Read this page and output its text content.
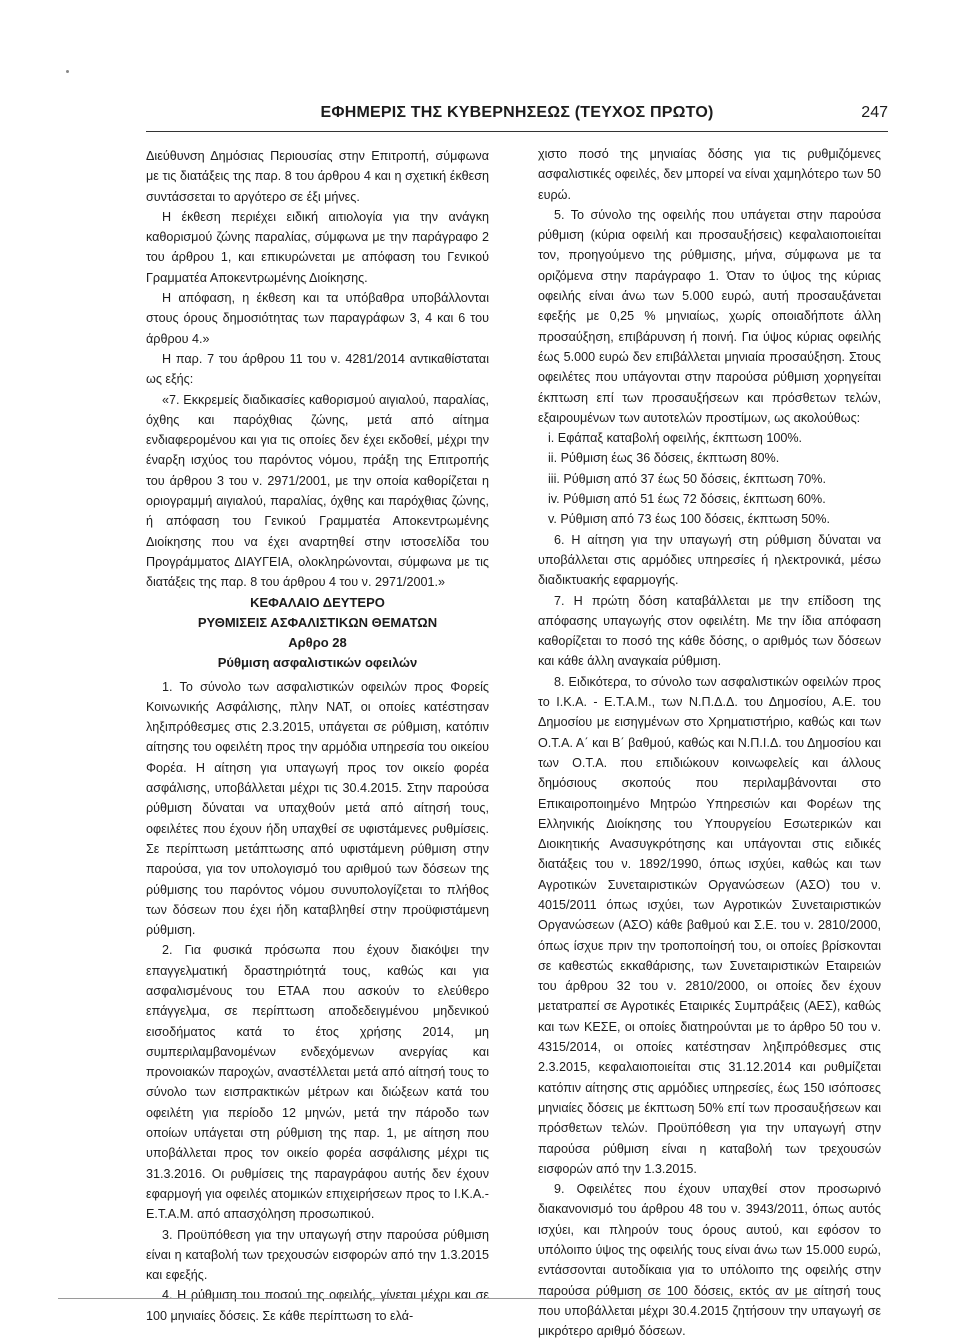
ΕΦΗΜΕΡΙΣ ΤΗΣ ΚΥΒΕΡΝΗΣΕΩΣ (ΤΕΥΧΟΣ ΠΡΩΤΟ)	247

Διεύθυνση Δημόσιας Περιουσίας στην Επιτροπή, σύμφωνα με τις διατάξεις της παρ. 8 του άρθρου 4 και η σχετική έκθεση συντάσσεται το αργότερο σε έξι μήνες.

Η έκθεση περιέχει ειδική αιτιολογία για την ανάγκη καθορισμού ζώνης παραλίας, σύμφωνα με την παράγραφο 2 του άρθρου 1, και επικυρώνεται με απόφαση του Γενικού Γραμματέα Αποκεντρωμένης Διοίκησης.

Η απόφαση, η έκθεση και τα υπόβαθρα υποβάλλονται στους όρους δημοσιότητας των παραγράφων 3, 4 και 6 του άρθρου 4.»

Η παρ. 7 του άρθρου 11 του ν. 4281/2014 αντικαθίσταται ως εξής:

«7. Εκκρεμείς διαδικασίες καθορισμού αιγιαλού, παραλίας, όχθης και παρόχθιας ζώνης, μετά από αίτημα ενδιαφερομένου και για τις οποίες δεν έχει εκδοθεί, μέχρι την έναρξη ισχύος του παρόντος νόμου, πράξη της Επιτροπής του άρθρου 3 του ν. 2971/2001, με την οποία καθορίζεται η οριογραμμή αιγιαλού, παραλίας, όχθης και παρόχθιας ζώνης, ή απόφαση του Γενικού Γραμματέα Αποκεντρωμένης Διοίκησης που να έχει αναρτηθεί στην ιστοσελίδα του Προγράμματος ΔΙΑΥΓΕΙΑ, ολοκληρώνονται, σύμφωνα με τις διατάξεις της παρ. 8 του άρθρου 4 του ν. 2971/2001.»

ΚΕΦΑΛΑΙΟ ΔΕΥΤΕΡΟ

ΡΥΘΜΙΣΕΙΣ ΑΣΦΑΛΙΣΤΙΚΩΝ ΘΕΜΑΤΩΝ

Αρθρο 28

Ρύθμιση ασφαλιστικών οφειλών

1. Το σύνολο των ασφαλιστικών οφειλών προς Φορείς Κοινωνικής Ασφάλισης, πλην ΝΑΤ, οι οποίες κατέστησαν ληξιπρόθεσμες στις 2.3.2015, υπάγεται σε ρύθμιση, κατόπιν αίτησης του οφειλέτη προς την αρμόδια υπηρεσία του οικείου Φορέα. Η αίτηση για υπαγωγή προς τον οικείο φορέα ασφάλισης, υποβάλλεται μέχρι τις 30.4.2015. Στην παρούσα ρύθμιση δύναται να υπαχθούν μετά από αίτησή τους, οφειλέτες που έχουν ήδη υπαχθεί σε υφιστάμενες ρυθμίσεις. Σε περίπτωση μετάπτωσης από υφιστάμενη ρύθμιση στην παρούσα, για τον υπολογισμό του αριθμού των δόσεων της ρύθμισης του παρόντος νόμου συνυπολογίζεται το πλήθος των δόσεων που έχει ήδη καταβληθεί στην προϋφιστάμενη ρύθμιση.

2. Για φυσικά πρόσωπα που έχουν διακόψει την επαγγελματική δραστηριότητά τους, καθώς και για ασφαλισμένους του ΕΤΑΑ που ασκούν το ελεύθερο επάγγελμα, σε περίπτωση αποδεδειγμένου μηδενικού εισοδήματος κατά το έτος χρήσης 2014, μη συμπεριλαμβανομένων ενδεχόμενων ανεργίας και προνοιακών παροχών, αναστέλλεται μετά από αίτησή τους το σύνολο των εισπρακτικών μέτρων και διώξεων κατά του οφειλέτη για περίοδο 12 μηνών, μετά την πάροδο των οποίων υπάγεται στη ρύθμιση της παρ. 1, με αίτηση που υποβάλλεται προς τον οικείο φορέα ασφάλισης μέχρι τις 31.3.2016. Οι ρυθμίσεις της παραγράφου αυτής δεν έχουν εφαρμογή για οφειλές ατομικών επιχειρήσεων προς το Ι.Κ.Α.-Ε.Τ.Α.Μ. από απασχόληση προσωπικού.

3. Προϋπόθεση για την υπαγωγή στην παρούσα ρύθμιση είναι η καταβολή των τρεχουσών εισφορών από την 1.3.2015 και εφεξής.

4. Η ρύθμιση του ποσού της οφειλής, γίνεται μέχρι και σε 100 μηνιαίες δόσεις. Σε κάθε περίπτωση το ελά-

χιστο ποσό της μηνιαίας δόσης για τις ρυθμιζόμενες ασφαλιστικές οφειλές, δεν μπορεί να είναι χαμηλότερο των 50 ευρώ.

5. Το σύνολο της οφειλής που υπάγεται στην παρούσα ρύθμιση (κύρια οφειλή και προσαυξήσεις) κεφαλαιοποιείται τον, προηγούμενο της ρύθμισης, μήνα, σύμφωνα με τα οριζόμενα στην παράγραφο 1. Όταν το ύψος της κύριας οφειλής είναι άνω των 5.000 ευρώ, αυτή προσαυξάνεται εφεξής με 0,25 % μηνιαίως, χωρίς οποιαδήποτε άλλη προσαύξηση, επιβάρυνση ή ποινή. Για ύψος κύριας οφειλής έως 5.000 ευρώ δεν επιβάλλεται μηνιαία προσαύξηση. Στους οφειλέτες που υπάγονται στην παρούσα ρύθμιση χορηγείται έκπτωση επί των προσαυξήσεων και πρόσθετων τελών, εξαιρουμένων των αυτοτελών προστίμων, ως ακολούθως:

i. Εφάπαξ καταβολή οφειλής, έκπτωση 100%.

ii. Ρύθμιση έως 36 δόσεις, έκπτωση 80%.

iii. Ρύθμιση από 37 έως 50 δόσεις, έκπτωση 70%.

iv. Ρύθμιση από 51 έως 72 δόσεις, έκπτωση 60%.

v. Ρύθμιση από 73 έως 100 δόσεις, έκπτωση 50%.

6. Η αίτηση για την υπαγωγή στη ρύθμιση δύναται να υποβάλλεται στις αρμόδιες υπηρεσίες ή ηλεκτρονικά, μέσω διαδικτυακής εφαρμογής.

7. Η πρώτη δόση καταβάλλεται με την επίδοση της απόφασης υπαγωγής στον οφειλέτη. Με την ίδια απόφαση καθορίζεται το ποσό της κάθε δόσης, ο αριθμός των δόσεων και κάθε άλλη αναγκαία ρύθμιση.

8. Ειδικότερα, το σύνολο των ασφαλιστικών οφειλών προς το Ι.Κ.Α. - Ε.Τ.Α.Μ., των Ν.Π.Δ.Δ. του Δημοσίου, Α.Ε. του Δημοσίου με εισηγμένων στο Χρηματιστήριο, καθώς και των Ο.Τ.Α. Α΄ και Β΄ βαθμού, καθώς και Ν.Π.Ι.Δ. του Δημοσίου και των Ο.Τ.Α. που επιδιώκουν κοινωφελείς και άλλους δημόσιους σκοπούς που περιλαμβάνονται στο Επικαιροποιημένο Μητρώο Υπηρεσιών και Φορέων της Ελληνικής Διοίκησης του Υπουργείου Εσωτερικών και Διοικητικής Ανασυγκρότησης και υπάγονται στις ειδικές διατάξεις του ν. 1892/1990, όπως ισχύει, καθώς και των Αγροτικών Συνεταιριστικών Οργανώσεων (ΑΣΟ) του ν. 4015/2011 όπως ισχύει, των Αγροτικών Συνεταιριστικών Οργανώσεων (ΑΣΟ) κάθε βαθμού και Σ.Ε. του ν. 2810/2000, όπως ίσχυε πριν την τροποποίησή του, οι οποίες βρίσκονται σε καθεστώς εκκαθάρισης, των Συνεταιριστικών Εταιρειών του άρθρου 32 του ν. 2810/2000, οι οποίες δεν έχουν μετατραπεί σε Αγροτικές Εταιρικές Συμπράξεις (ΑΕΣ), καθώς και των ΚΕΣΕ, οι οποίες διατηρούνται με το άρθρο 50 του ν. 4315/2014, οι οποίες κατέστησαν ληξιπρόθεσμες στις 2.3.2015, κεφαλαιοποιείται στις 31.12.2014 και ρυθμίζεται κατόπιν αίτησης στις αρμόδιες υπηρεσίες, έως 150 ισόποσες μηνιαίες δόσεις με έκπτωση 50% επί των προσαυξήσεων και πρόσθετων τελών. Προϋπόθεση για την υπαγωγή στην παρούσα ρύθμιση είναι η καταβολή των τρεχουσών εισφορών από την 1.3.2015.

9. Οφειλέτες που έχουν υπαχθεί στον προσωρινό διακανονισμό του άρθρου 48 του ν. 3943/2011, όπως αυτός ισχύει, και πληρούν τους όρους αυτού, και εφόσον το υπόλοιπο ύψος της οφειλής τους είναι άνω των 15.000 ευρώ, εντάσσονται αυτοδίκαια για το υπόλοιπο της οφειλής στην παρούσα ρύθμιση σε 100 δόσεις, εκτός αν με αίτησή τους που υποβάλλεται μέχρι 30.4.2015 ζητήσουν την υπαγωγή σε μικρότερο αριθμό δόσεων.
